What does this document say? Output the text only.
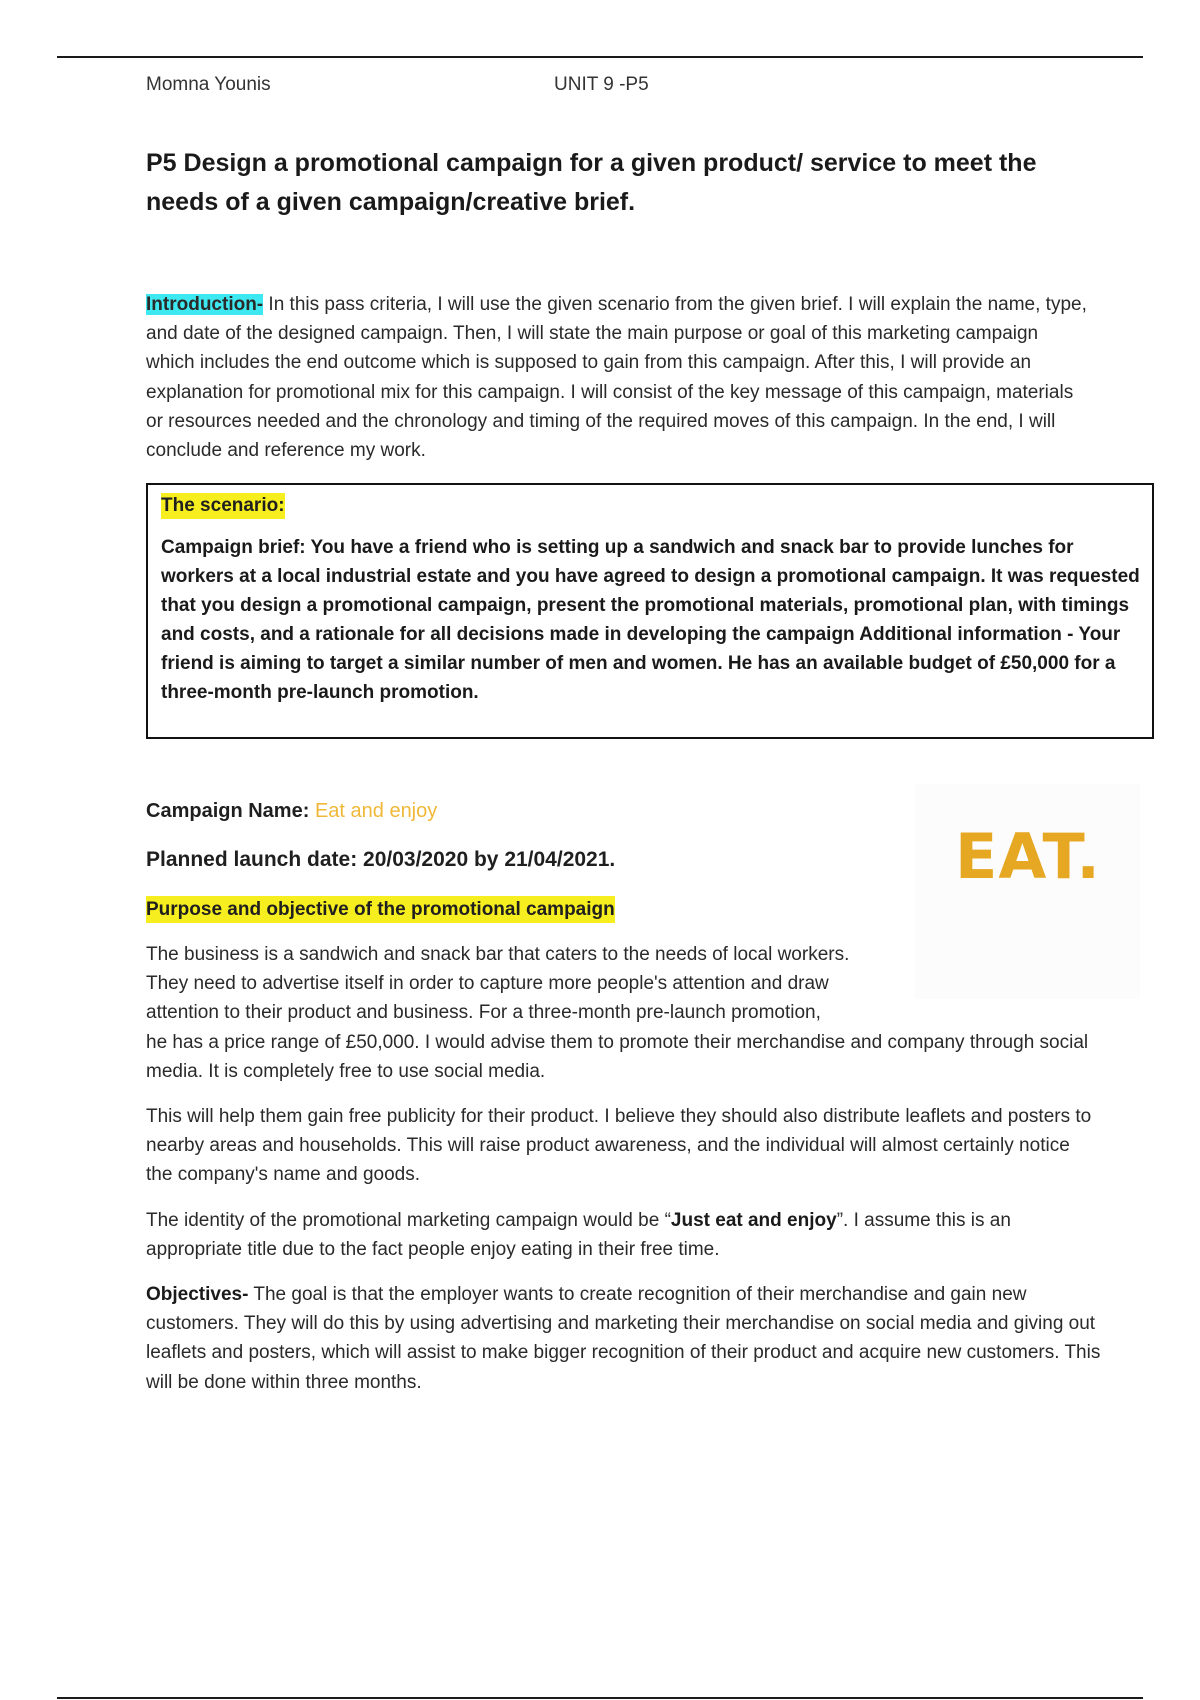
Momna Younis	UNIT 9 -P5
P5 Design a promotional campaign for a given product/ service to meet the needs of a given campaign/creative brief.
Introduction- In this pass criteria, I will use the given scenario from the given brief. I will explain the name, type, and date of the designed campaign. Then, I will state the main purpose or goal of this marketing campaign which includes the end outcome which is supposed to gain from this campaign. After this, I will provide an explanation for promotional mix for this campaign. I will consist of the key message of this campaign, materials or resources needed and the chronology and timing of the required moves of this campaign. In the end, I will conclude and reference my work.
The scenario:
Campaign brief: You have a friend who is setting up a sandwich and snack bar to provide lunches for workers at a local industrial estate and you have agreed to design a promotional campaign. It was requested that you design a promotional campaign, present the promotional materials, promotional plan, with timings and costs, and a rationale for all decisions made in developing the campaign Additional information - Your friend is aiming to target a similar number of men and women. He has an available budget of £50,000 for a three-month pre-launch promotion.
Campaign Name: Eat and enjoy
Planned launch date: 20/03/2020 by 21/04/2021.
Purpose and objective of the promotional campaign
EAT.

The business is a sandwich and snack bar that caters to the needs of local workers. They need to advertise itself in order to capture more people's attention and draw attention to their product and business. For a three-month pre-launch promotion,
he has a price range of £50,000. I would advise them to promote their merchandise and company through social media. It is completely free to use social media.

This will help them gain free publicity for their product. I believe they should also distribute leaflets and posters to nearby areas and households. This will raise product awareness, and the individual will almost certainly notice the company's name and goods.

The identity of the promotional marketing campaign would be “Just eat and enjoy”. I assume this is an appropriate title due to the fact people enjoy eating in their free time.

Objectives- The goal is that the employer wants to create recognition of their merchandise and gain new customers. They will do this by using advertising and marketing their merchandise on social media and giving out leaflets and posters, which will assist to make bigger recognition of their product and acquire new customers. This will be done within three months.
